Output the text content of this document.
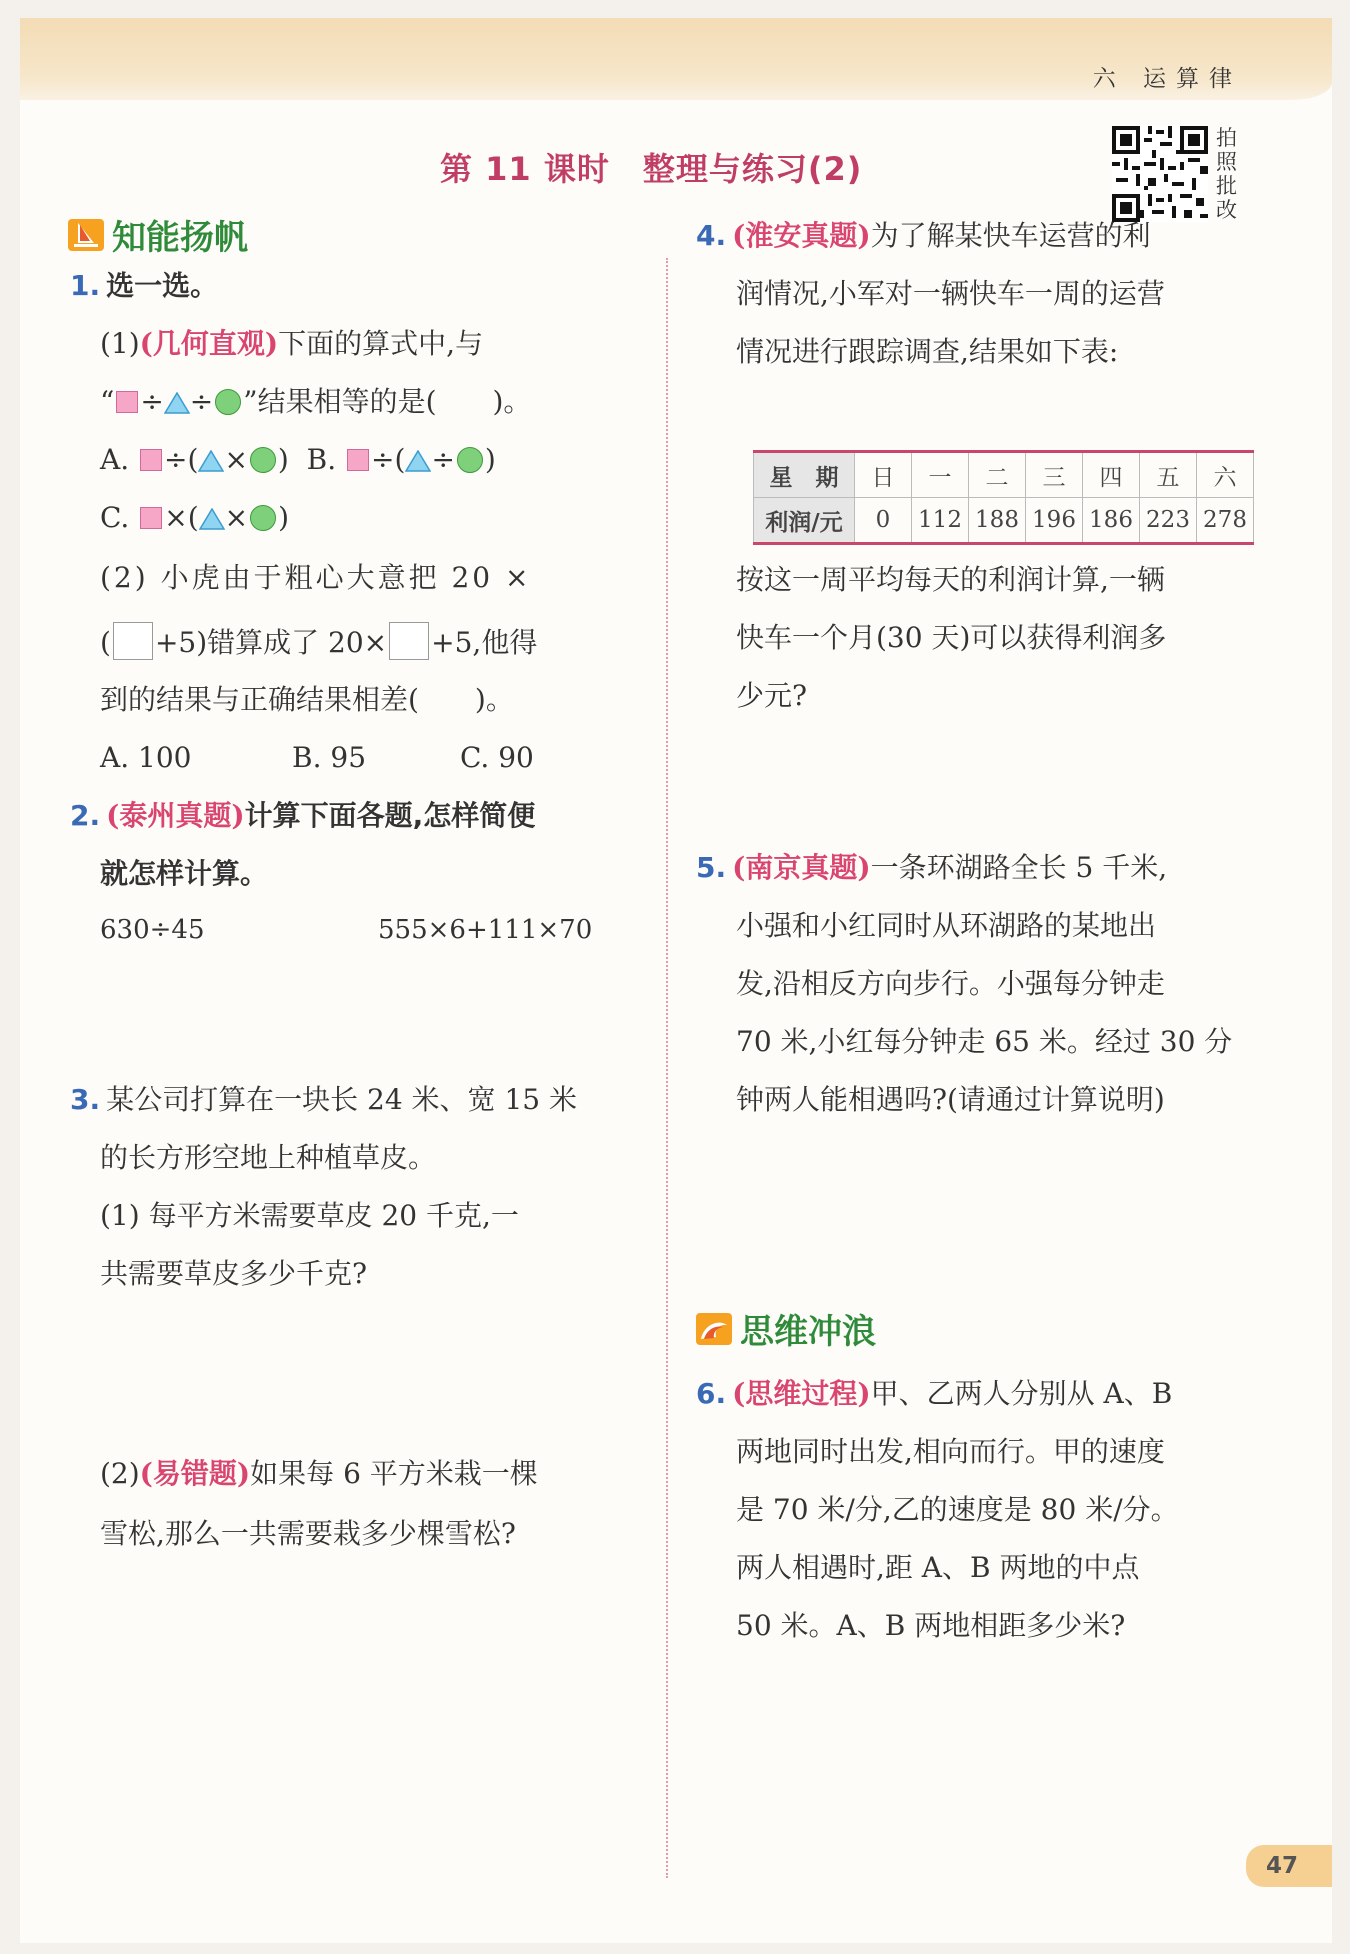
六 运算律
第 11 课时　整理与练习(2)
拍照批改
知能扬帆
1. 选一选。
(1)(几何直观)下面的算式中,与
“ ÷ ÷ ”结果相等的是(　　)。
A. ÷( × ) B. ÷( ÷ )
C. ×( × )
(2) 小虎由于粗心大意把 20 ×
( +5)错算成了 20× +5,他得
到的结果与正确结果相差(　　)。
A. 100	B. 95	C. 90
2. (泰州真题)计算下面各题,怎样简便
就怎样计算。
630÷45	555×6+111×70
3. 某公司打算在一块长 24 米、宽 15 米
的长方形空地上种植草皮。
(1) 每平方米需要草皮 20 千克,一
共需要草皮多少千克?
(2)(易错题)如果每 6 平方米栽一棵
雪松,那么一共需要栽多少棵雪松?
4. (淮安真题)为了解某快车运营的利
润情况,小军对一辆快车一周的运营
情况进行跟踪调查,结果如下表:
星　期	日	一	二	三	四	五	六
利润/元	0	112	188	196	186	223	278
按这一周平均每天的利润计算,一辆
快车一个月(30 天)可以获得利润多
少元?
5. (南京真题)一条环湖路全长 5 千米,
小强和小红同时从环湖路的某地出
发,沿相反方向步行。小强每分钟走
70 米,小红每分钟走 65 米。经过 30 分
钟两人能相遇吗?(请通过计算说明)
思维冲浪
6. (思维过程)甲、乙两人分别从 A、B
两地同时出发,相向而行。甲的速度
是 70 米/分,乙的速度是 80 米/分。
两人相遇时,距 A、B 两地的中点
50 米。A、B 两地相距多少米?
47
